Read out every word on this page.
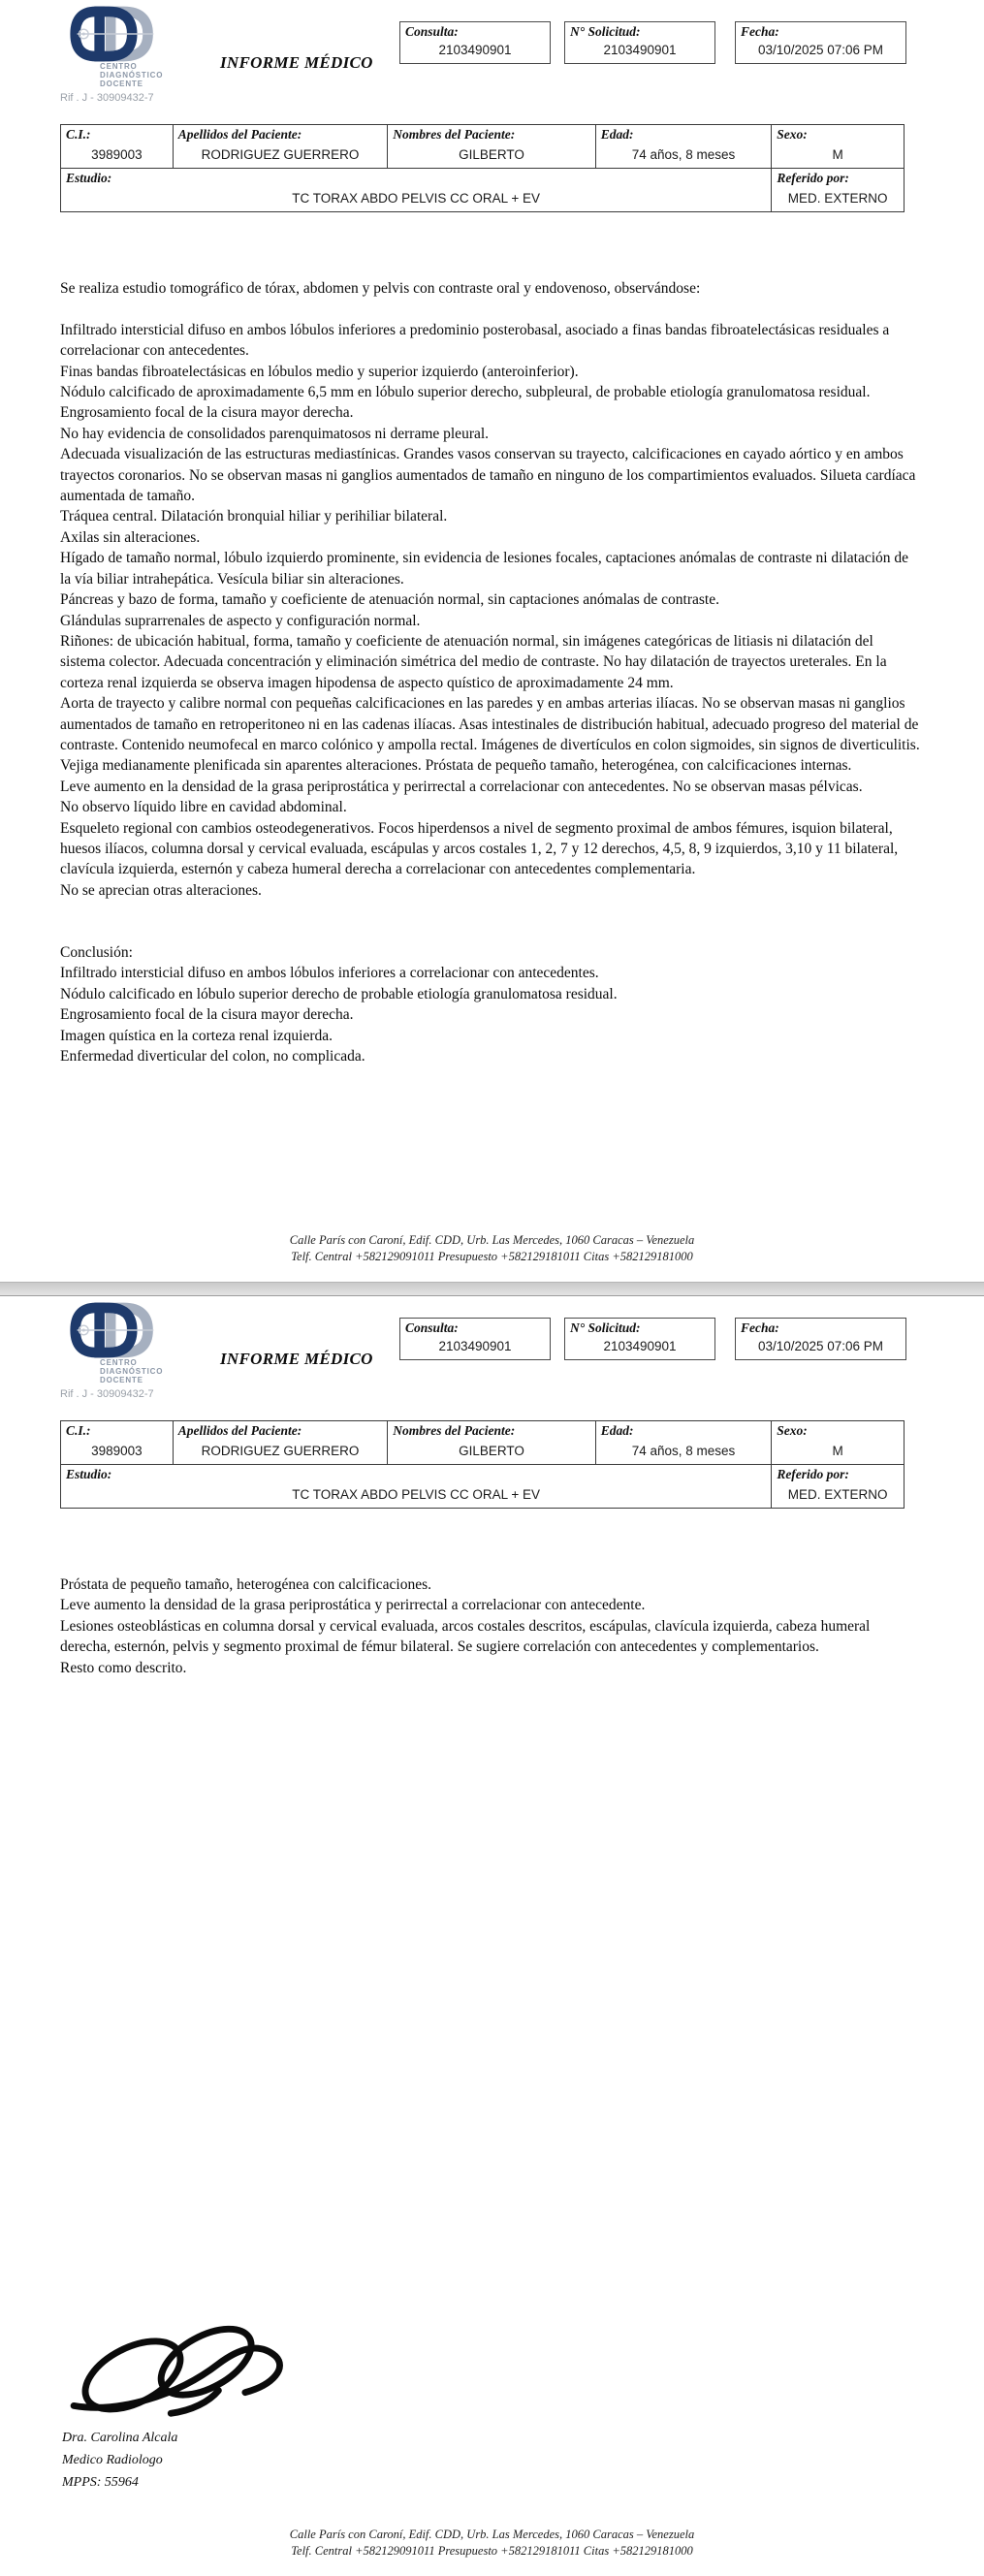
CENTRO
DIAGNÓSTICO
DOCENTE
Rif . J - 30909432-7
INFORME MÉDICO
Consulta:
2103490901
N° Solicitud:
2103490901
Fecha:
03/10/2025 07:06 PM
C.I.:
3989003
Apellidos del Paciente:
RODRIGUEZ GUERRERO
Nombres del Paciente:
GILBERTO
Edad:
74 años, 8 meses
Sexo:
M
Estudio:
TC TORAX ABDO PELVIS CC ORAL + EV
Referido por:
MED. EXTERNO

Se realiza estudio tomográfico de tórax, abdomen y pelvis con contraste oral y endovenoso, observándose:

Infiltrado intersticial difuso en ambos lóbulos inferiores a predominio posterobasal, asociado a finas bandas fibroatelectásicas residuales a correlacionar con antecedentes.

Finas bandas fibroatelectásicas en lóbulos medio y superior izquierdo (anteroinferior).

Nódulo calcificado de aproximadamente 6,5 mm en lóbulo superior derecho, subpleural, de probable etiología granulomatosa residual. Engrosamiento focal de la cisura mayor derecha.

No hay evidencia de consolidados parenquimatosos ni derrame pleural.

Adecuada visualización de las estructuras mediastínicas. Grandes vasos conservan su trayecto, calcificaciones en cayado aórtico y en ambos trayectos coronarios. No se observan masas ni ganglios aumentados de tamaño en ninguno de los compartimientos evaluados. Silueta cardíaca aumentada de tamaño.

Tráquea central. Dilatación bronquial hiliar y perihiliar bilateral.

Axilas sin alteraciones.

Hígado de tamaño normal, lóbulo izquierdo prominente, sin evidencia de lesiones focales, captaciones anómalas de contraste ni dilatación de la vía biliar intrahepática. Vesícula biliar sin alteraciones.

Páncreas y bazo de forma, tamaño y coeficiente de atenuación normal, sin captaciones anómalas de contraste.

Glándulas suprarrenales de aspecto y configuración normal.

Riñones: de ubicación habitual, forma, tamaño y coeficiente de atenuación normal, sin imágenes categóricas de litiasis ni dilatación del sistema colector. Adecuada concentración y eliminación simétrica del medio de contraste. No hay dilatación de trayectos ureterales. En la corteza renal izquierda se observa imagen hipodensa de aspecto quístico de aproximadamente 24 mm.

Aorta de trayecto y calibre normal con pequeñas calcificaciones en las paredes y en ambas arterias ilíacas. No se observan masas ni ganglios aumentados de tamaño en retroperitoneo ni en las cadenas ilíacas. Asas intestinales de distribución habitual, adecuado progreso del material de contraste. Contenido neumofecal en marco colónico y ampolla rectal. Imágenes de divertículos en colon sigmoides, sin signos de diverticulitis.

Vejiga medianamente plenificada sin aparentes alteraciones. Próstata de pequeño tamaño, heterogénea, con calcificaciones internas.

Leve aumento en la densidad de la grasa periprostática y perirrectal a correlacionar con antecedentes. No se observan masas pélvicas.

No observo líquido libre en cavidad abdominal.

Esqueleto regional con cambios osteodegenerativos. Focos hiperdensos a nivel de segmento proximal de ambos fémures, isquion bilateral, huesos ilíacos, columna dorsal y cervical evaluada, escápulas y arcos costales 1, 2, 7 y 12 derechos, 4,5, 8, 9 izquierdos, 3,10 y 11 bilateral, clavícula izquierda, esternón y cabeza humeral derecha a correlacionar con antecedentes complementaria.

No se aprecian otras alteraciones.

Conclusión:

Infiltrado intersticial difuso en ambos lóbulos inferiores a correlacionar con antecedentes.

Nódulo calcificado en lóbulo superior derecho de probable etiología granulomatosa residual.

Engrosamiento focal de la cisura mayor derecha.

Imagen quística en la corteza renal izquierda.

Enfermedad diverticular del colon, no complicada.

Calle París con Caroní, Edif. CDD, Urb. Las Mercedes, 1060 Caracas – Venezuela
Telf. Central +582129091011 Presupuesto +582129181011 Citas +582129181000
CENTRO
DIAGNÓSTICO
DOCENTE
Rif . J - 30909432-7
INFORME MÉDICO
Consulta:
2103490901
N° Solicitud:
2103490901
Fecha:
03/10/2025 07:06 PM
C.I.:
3989003
Apellidos del Paciente:
RODRIGUEZ GUERRERO
Nombres del Paciente:
GILBERTO
Edad:
74 años, 8 meses
Sexo:
M
Estudio:
TC TORAX ABDO PELVIS CC ORAL + EV
Referido por:
MED. EXTERNO

Próstata de pequeño tamaño, heterogénea con calcificaciones.

Leve aumento la densidad de la grasa periprostática y perirrectal a correlacionar con antecedente.

Lesiones osteoblásticas en columna dorsal y cervical evaluada, arcos costales descritos, escápulas, clavícula izquierda, cabeza humeral derecha, esternón, pelvis y segmento proximal de fémur bilateral. Se sugiere correlación con antecedentes y complementarios.

Resto como descrito.

Dra. Carolina Alcala
Medico Radiologo
MPPS: 55964
Calle París con Caroní, Edif. CDD, Urb. Las Mercedes, 1060 Caracas – Venezuela
Telf. Central +582129091011 Presupuesto +582129181011 Citas +582129181000
